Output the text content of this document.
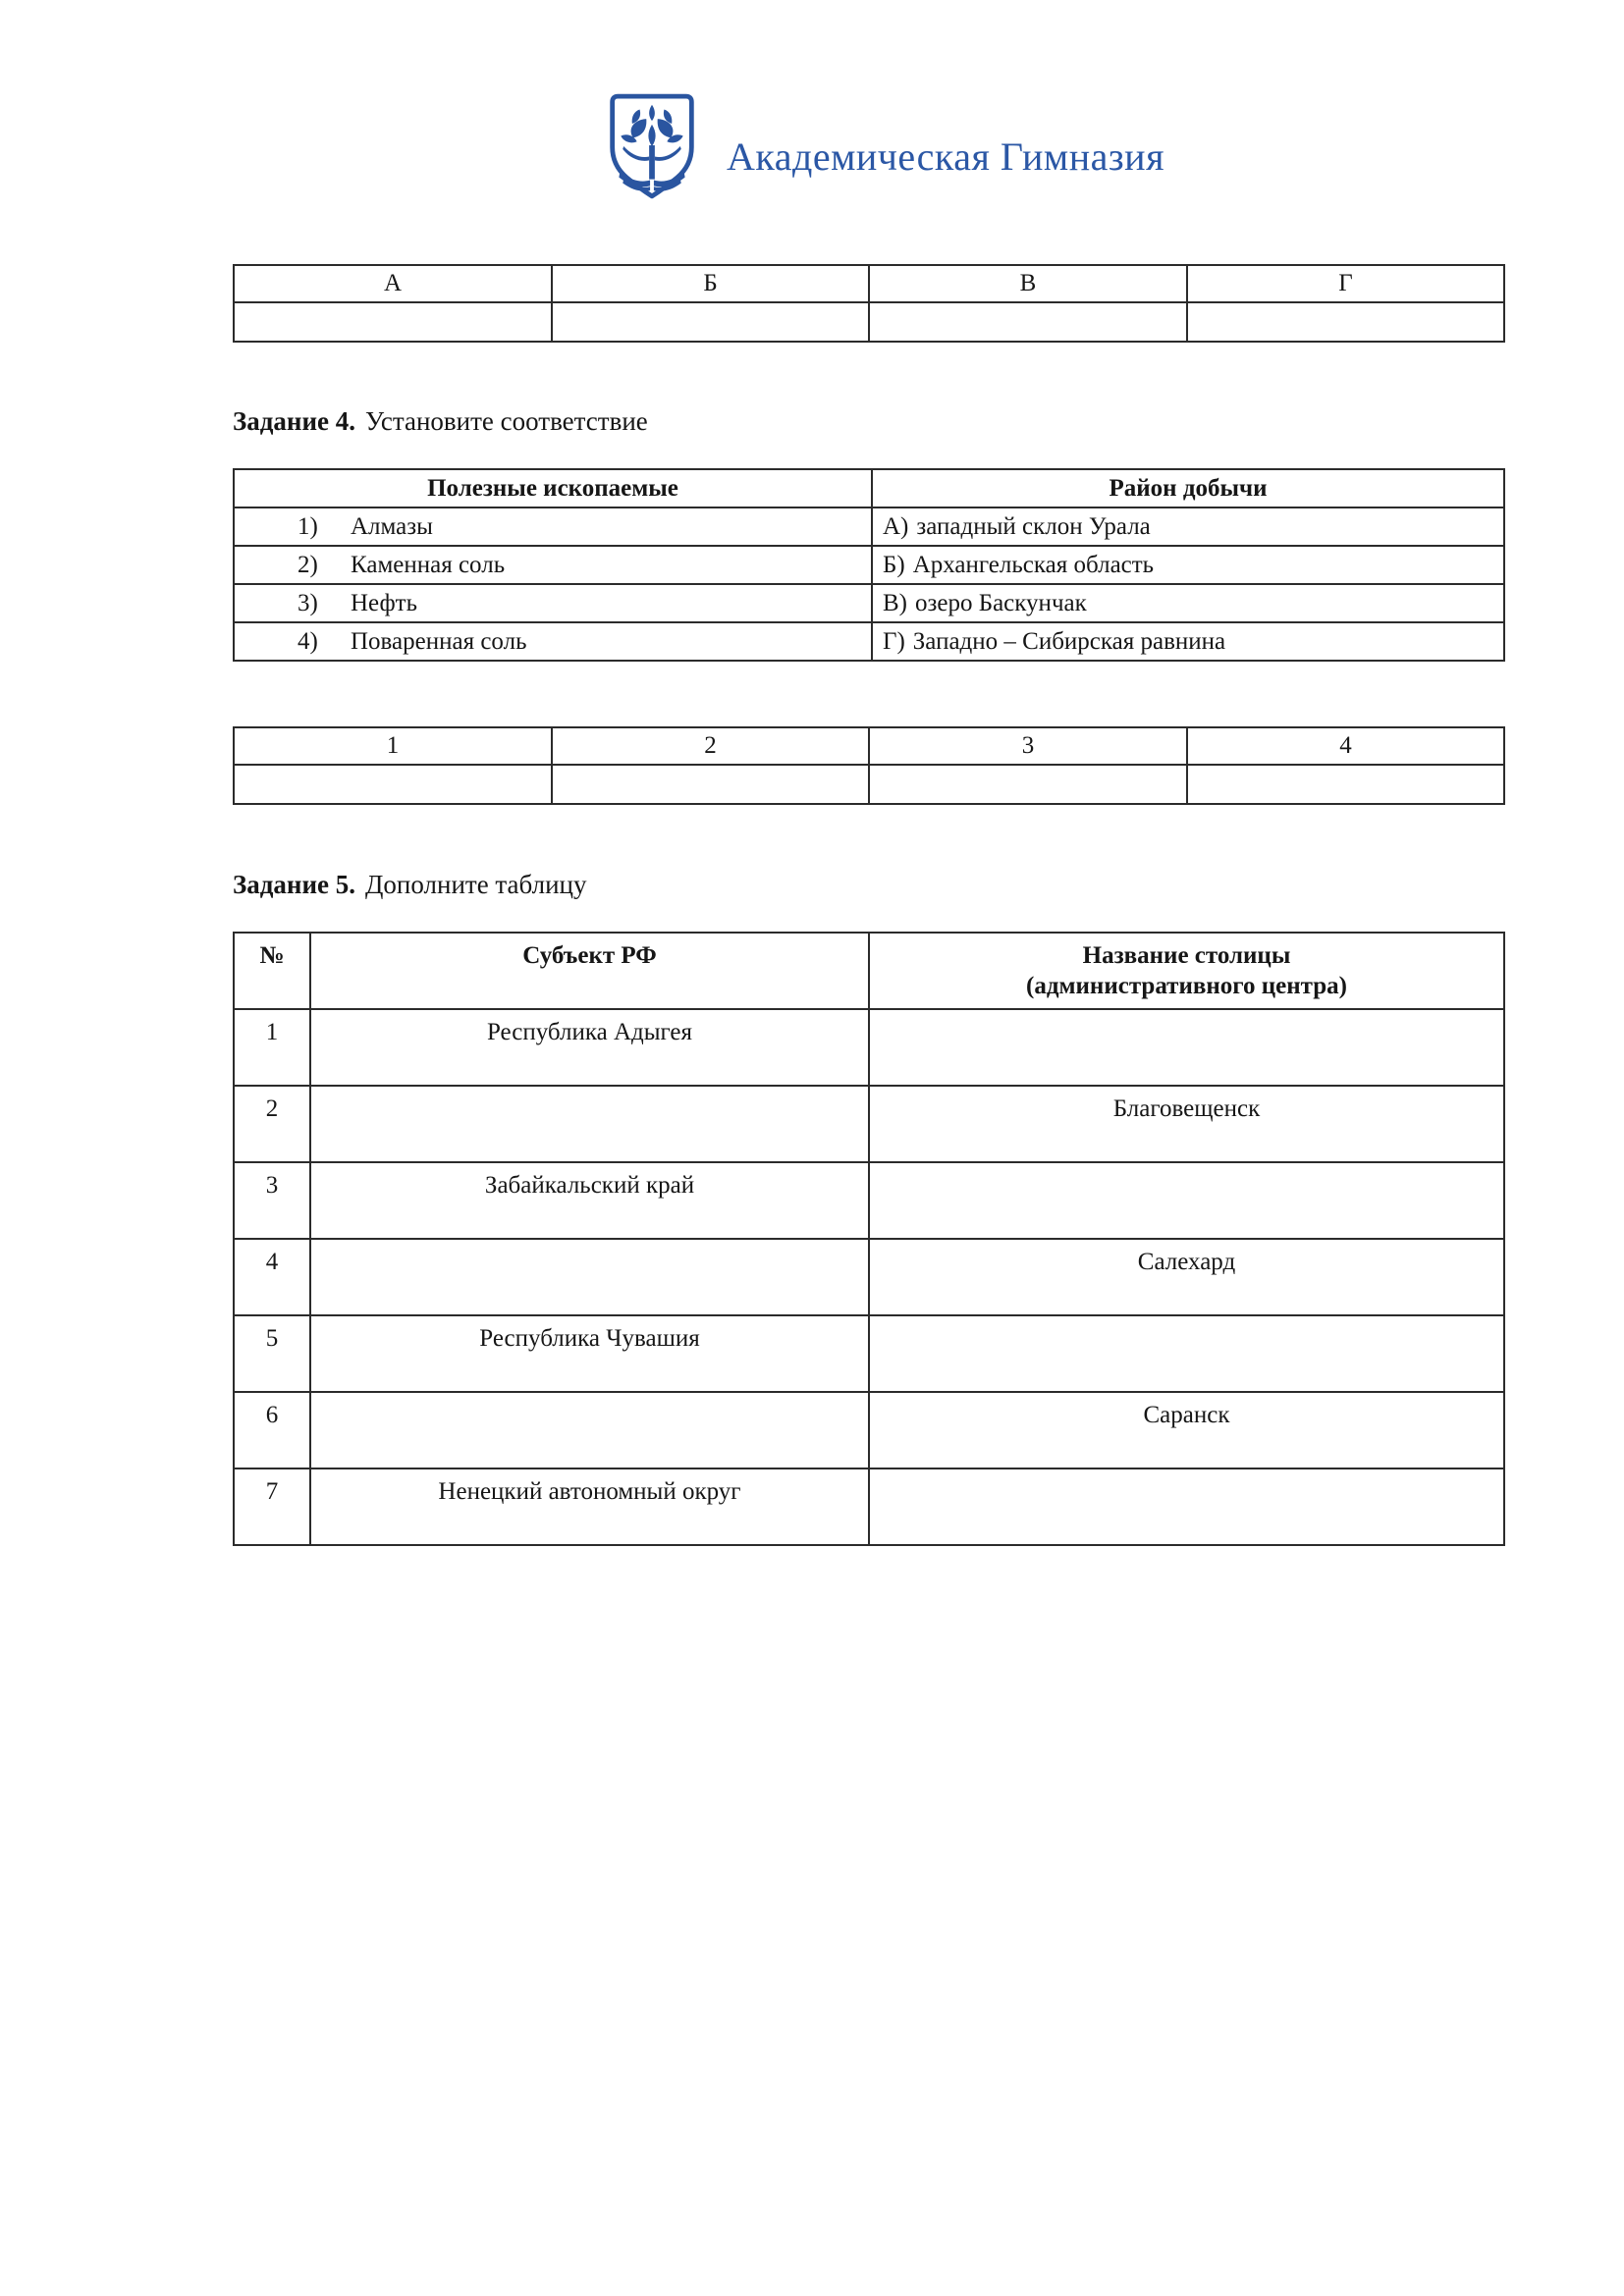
Академическая Гимназия
А	Б	В	Г

Задание 4. Установите соответствие
Полезные ископаемые	Район добычи
1) Алмазы	А) западный склон Урала
2) Каменная соль	Б) Архангельская область
3) Нефть	В) озеро Баскунчак
4) Поваренная соль	Г) Западно – Сибирская равнина
1	2	3	4

Задание 5. Дополните таблицу
№	Субъект РФ	Название столицы
(административного центра)

1	Республика Адыгея	
2		Благовещенск
3	Забайкальский край	
4		Салехард
5	Республика Чувашия	
6		Саранск
7	Ненецкий автономный округ	
